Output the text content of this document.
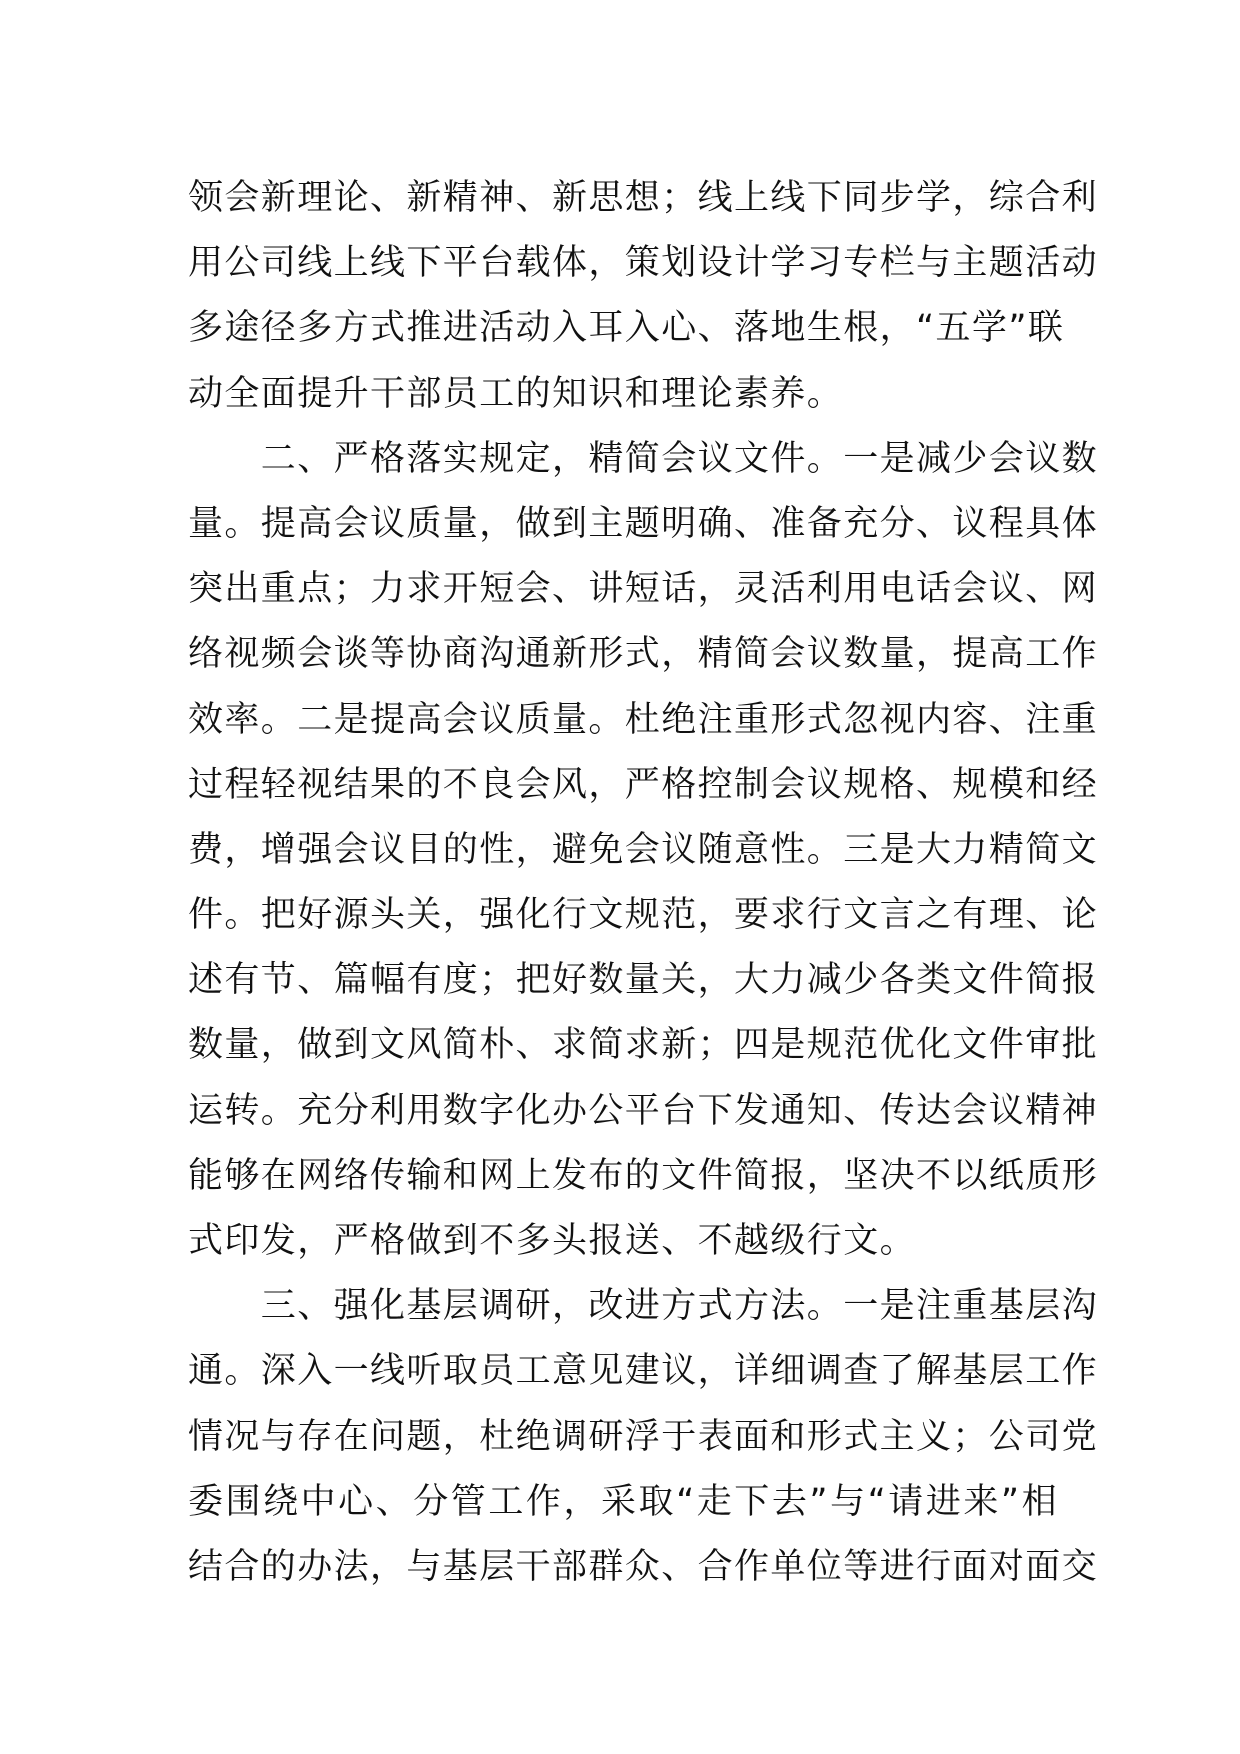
领会新理论、新精神、新思想；线上线下同步学，综合利
用公司线上线下平台载体，策划设计学习专栏与主题活动
多途径多方式推进活动入耳入心、落地生根，“五学”联
动全面提升干部员工的知识和理论素养。
　　二、严格落实规定，精简会议文件。一是减少会议数
量。提高会议质量，做到主题明确、准备充分、议程具体
突出重点；力求开短会、讲短话，灵活利用电话会议、网
络视频会谈等协商沟通新形式，精简会议数量，提高工作
效率。二是提高会议质量。杜绝注重形式忽视内容、注重
过程轻视结果的不良会风，严格控制会议规格、规模和经
费，增强会议目的性，避免会议随意性。三是大力精简文
件。把好源头关，强化行文规范，要求行文言之有理、论
述有节、篇幅有度；把好数量关，大力减少各类文件简报
数量，做到文风简朴、求简求新；四是规范优化文件审批
运转。充分利用数字化办公平台下发通知、传达会议精神
能够在网络传输和网上发布的文件简报，坚决不以纸质形
式印发，严格做到不多头报送、不越级行文。
　　三、强化基层调研，改进方式方法。一是注重基层沟
通。深入一线听取员工意见建议，详细调查了解基层工作
情况与存在问题，杜绝调研浮于表面和形式主义；公司党
委围绕中心、分管工作，采取“走下去”与“请进来”相
结合的办法，与基层干部群众、合作单位等进行面对面交
